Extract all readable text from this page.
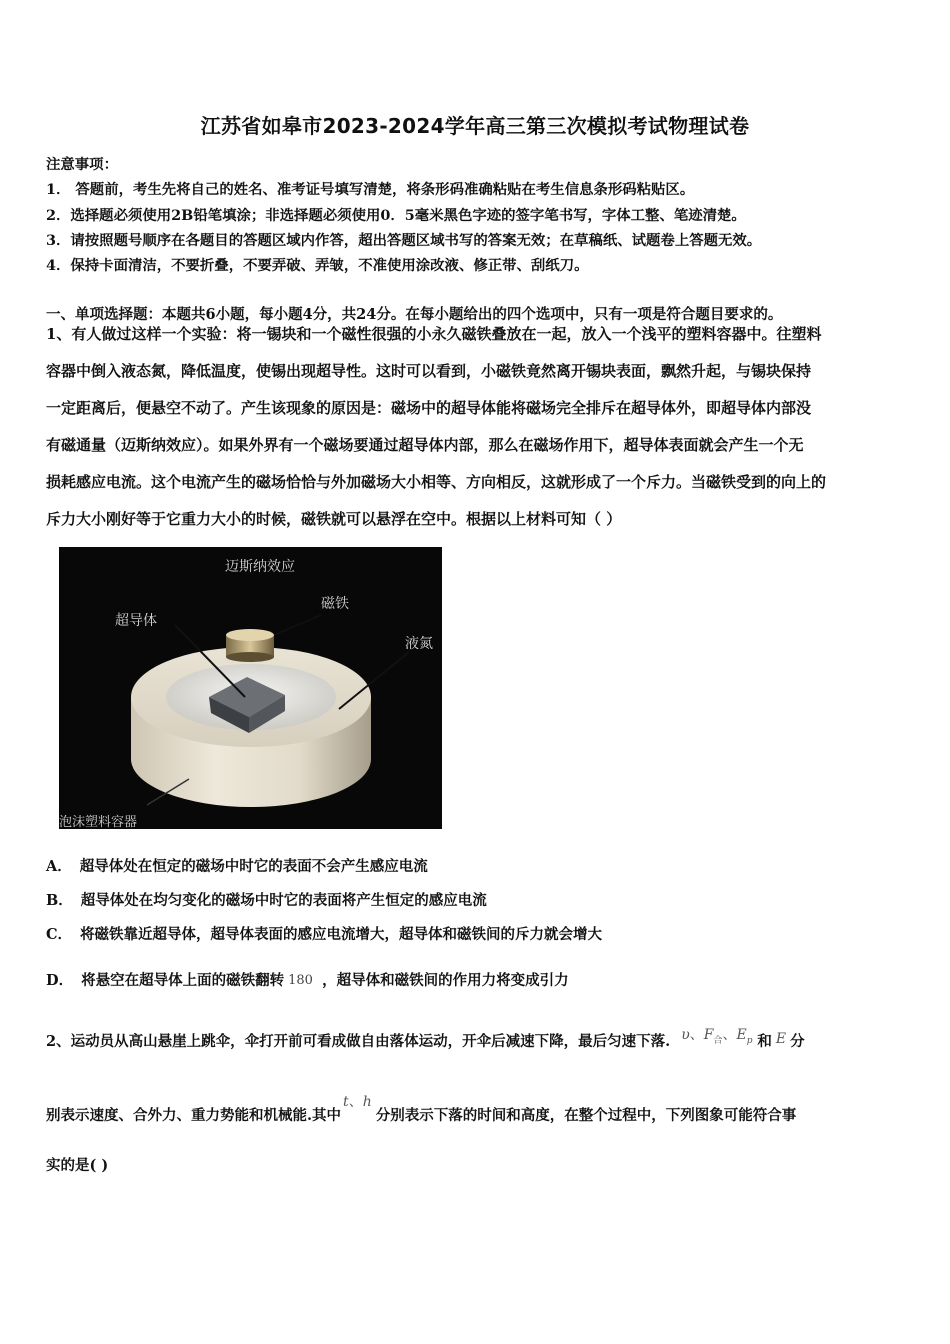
江苏省如皋市2023-2024学年高三第三次模拟考试物理试卷
注意事项：
1． 答题前，考生先将自己的姓名、准考证号填写清楚，将条形码准确粘贴在考生信息条形码粘贴区。
2．选择题必须使用2B铅笔填涂；非选择题必须使用0．5毫米黑色字迹的签字笔书写，字体工整、笔迹清楚。
3．请按照题号顺序在各题目的答题区域内作答，超出答题区域书写的答案无效；在草稿纸、试题卷上答题无效。
4．保持卡面清洁，不要折叠，不要弄破、弄皱，不准使用涂改液、修正带、刮纸刀。
一、单项选择题：本题共6小题，每小题4分，共24分。在每小题给出的四个选项中，只有一项是符合题目要求的。
1、有人做过这样一个实验：将一锡块和一个磁性很强的小永久磁铁叠放在一起，放入一个浅平的塑料容器中。往塑料
容器中倒入液态氮，降低温度，使锡出现超导性。这时可以看到，小磁铁竟然离开锡块表面，飘然升起，与锡块保持
一定距离后，便悬空不动了。产生该现象的原因是：磁场中的超导体能将磁场完全排斥在超导体外，即超导体内部没
有磁通量（迈斯纳效应）。如果外界有一个磁场要通过超导体内部，那么在磁场作用下，超导体表面就会产生一个无
损耗感应电流。这个电流产生的磁场恰恰与外加磁场大小相等、方向相反，这就形成了一个斥力。当磁铁受到的向上的
斥力大小刚好等于它重力大小的时候，磁铁就可以悬浮在空中。根据以上材料可知（ ）
迈斯纳效应
超导体
磁铁
液氮
泡沫塑料容器
A． 超导体处在恒定的磁场中时它的表面不会产生感应电流
B． 超导体处在均匀变化的磁场中时它的表面将产生恒定的感应电流
C． 将磁铁靠近超导体，超导体表面的感应电流增大，超导体和磁铁间的斥力就会增大
D． 将悬空在超导体上面的磁铁翻转 180 ，超导体和磁铁间的作用力将变成引力
2、运动员从高山悬崖上跳伞，伞打开前可看成做自由落体运动，开伞后减速下降，最后匀速下落. υ、$F_合$、$E_p$ 和 E 分
别表示速度、合外力、重力势能和机械能.其中t、h分别表示下落的时间和高度，在整个过程中，下列图象可能符合事
实的是( )
